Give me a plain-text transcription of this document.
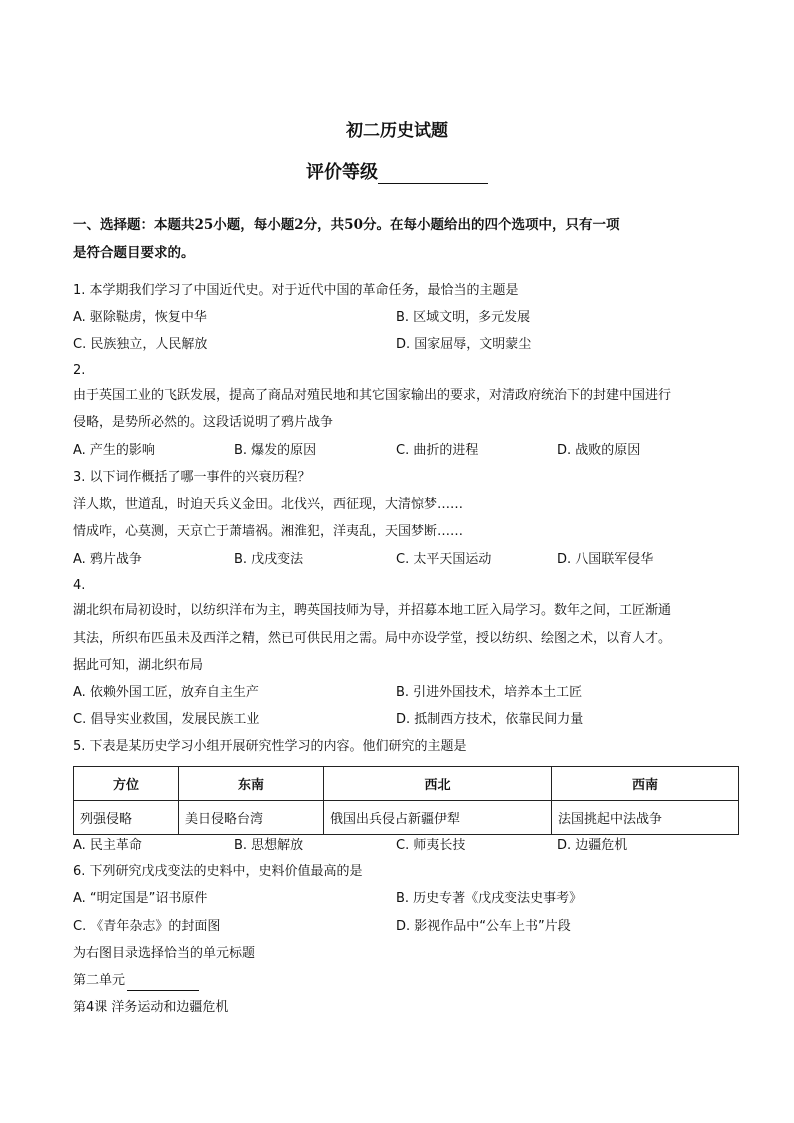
初二历史试题
评价等级
一、选择题：本题共25小题，每小题2分，共50分。在每小题给出的四个选项中，只有一项
是符合题目要求的。
1. 本学期我们学习了中国近代史。对于近代中国的革命任务，最恰当的主题是
A. 驱除鞑虏，恢复中华	B. 区域文明，多元发展
C. 民族独立，人民解放	D. 国家屈辱，文明蒙尘
2.
由于英国工业的飞跃发展，提高了商品对殖民地和其它国家输出的要求，对清政府统治下的封建中国进行
侵略，是势所必然的。这段话说明了鸦片战争
A. 产生的影响	B. 爆发的原因	C. 曲折的进程	D. 战败的原因
3. 以下词作概括了哪一事件的兴衰历程？
洋人欺，世道乱，时迫天兵义金田。北伐兴，西征现，大清惊梦……
情成咋，心莫测，天京亡于萧墙祸。湘淮犯，洋夷乱，天国梦断……
A. 鸦片战争	B. 戊戌变法	C. 太平天国运动	D. 八国联军侵华
4.
湖北织布局初设时，以纺织洋布为主，聘英国技师为导，并招募本地工匠入局学习。数年之间，工匠渐通
其法，所织布匹虽未及西洋之精，然已可供民用之需。局中亦设学堂，授以纺织、绘图之术，以育人才。
据此可知，湖北织布局
A. 依赖外国工匠，放弃自主生产	B. 引进外国技术，培养本土工匠
C. 倡导实业救国，发展民族工业	D. 抵制西方技术，依靠民间力量
5. 下表是某历史学习小组开展研究性学习的内容。他们研究的主题是
方位	东南	西北	西南
列强侵略	美日侵略台湾	俄国出兵侵占新疆伊犁	法国挑起中法战争
A. 民主革命	B. 思想解放	C. 师夷长技	D. 边疆危机
6. 下列研究戊戌变法的史料中，史料价值最高的是
A. “明定国是”诏书原件	B. 历史专著《戊戌变法史事考》
C. 《青年杂志》的封面图	D. 影视作品中“公车上书”片段
为右图目录选择恰当的单元标题
第二单元
第4课 洋务运动和边疆危机
